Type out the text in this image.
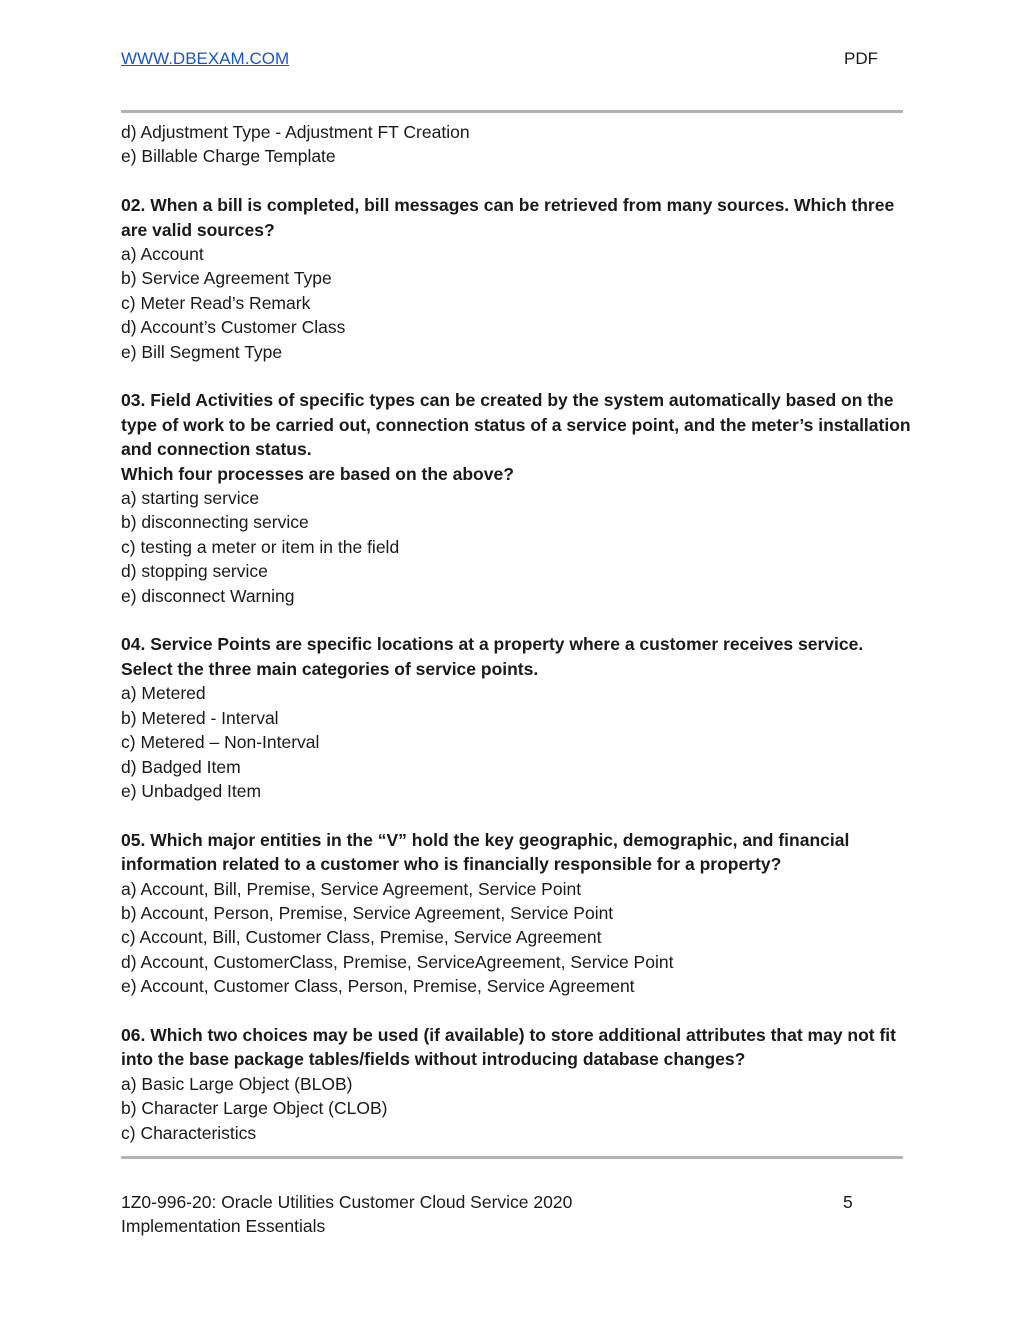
WWW.DBEXAM.COM	PDF

d) Adjustment Type - Adjustment FT Creation

e) Billable Charge Template

02. When a bill is completed, bill messages can be retrieved from many sources. Which three are valid sources?

a) Account

b) Service Agreement Type

c) Meter Read’s Remark

d) Account’s Customer Class

e) Bill Segment Type

03. Field Activities of specific types can be created by the system automatically based on the type of work to be carried out, connection status of a service point, and the meter’s installation and connection status.

Which four processes are based on the above?

a) starting service

b) disconnecting service

c) testing a meter or item in the field

d) stopping service

e) disconnect Warning

04. Service Points are specific locations at a property where a customer receives service. Select the three main categories of service points.

a) Metered

b) Metered - Interval

c) Metered – Non-Interval

d) Badged Item

e) Unbadged Item

05. Which major entities in the “V” hold the key geographic, demographic, and financial information related to a customer who is financially responsible for a property?

a) Account, Bill, Premise, Service Agreement, Service Point

b) Account, Person, Premise, Service Agreement, Service Point

c) Account, Bill, Customer Class, Premise, Service Agreement

d) Account, CustomerClass, Premise, ServiceAgreement, Service Point

e) Account, Customer Class, Person, Premise, Service Agreement

06. Which two choices may be used (if available) to store additional attributes that may not fit into the base package tables/fields without introducing database changes?

a) Basic Large Object (BLOB)

b) Character Large Object (CLOB)

c) Characteristics

1Z0-996-20: Oracle Utilities Customer Cloud Service 2020 Implementation Essentials
5
